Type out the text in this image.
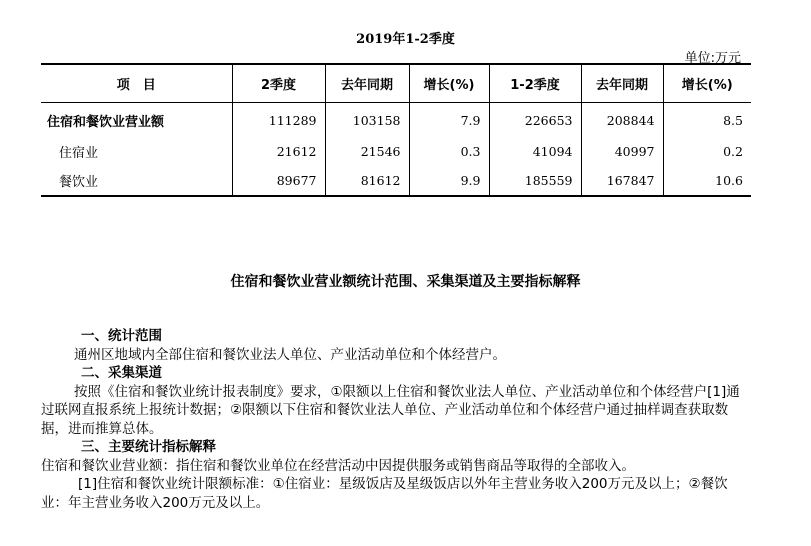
2019年1-2季度
单位:万元
项　目	2季度	去年同期	增长(%)	1-2季度	去年同期	增长(%)
住宿和餐饮业营业额	111289	103158	7.9	226653	208844	8.5
住宿业	21612	21546	0.3	41094	40997	0.2
餐饮业	89677	81612	9.9	185559	167847	10.6
住宿和餐饮业营业额统计范围、采集渠道及主要指标解释

一、统计范围

通州区地域内全部住宿和餐饮业法人单位、产业活动单位和个体经营户。

二、采集渠道

按照《住宿和餐饮业统计报表制度》要求，①限额以上住宿和餐饮业法人单位、产业活动单位和个体经营户[1]通过联网直报系统上报统计数据；②限额以下住宿和餐饮业法人单位、产业活动单位和个体经营户通过抽样调查获取数据，进而推算总体。

三、主要统计指标解释

住宿和餐饮业营业额：指住宿和餐饮业单位在经营活动中因提供服务或销售商品等取得的全部收入。

[1]住宿和餐饮业统计限额标准：①住宿业：星级饭店及星级饭店以外年主营业务收入200万元及以上；②餐饮业：年主营业务收入200万元及以上。
